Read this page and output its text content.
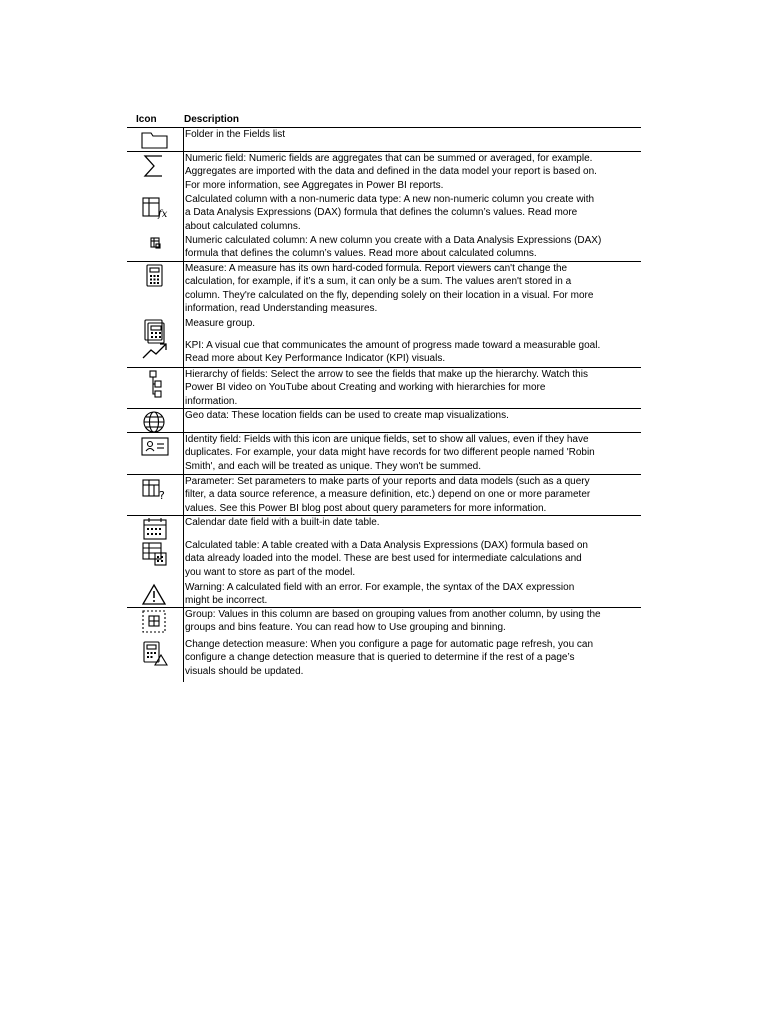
Icon	Description
Folder in the Fields list
Numeric field: Numeric fields are aggregates that can be summed or averaged, for example.
Aggregates are imported with the data and defined in the data model your report is based on.
For more information, see Aggregates in Power BI reports.
fx
Calculated column with a non-numeric data type: A new non-numeric column you create with
a Data Analysis Expressions (DAX) formula that defines the column’s values. Read more
about calculated columns.
Numeric calculated column: A new column you create with a Data Analysis Expressions (DAX)
formula that defines the column’s values. Read more about calculated columns.
Measure: A measure has its own hard-coded formula. Report viewers can't change the
calculation, for example, if it’s a sum, it can only be a sum. The values aren't stored in a
column. They're calculated on the fly, depending solely on their location in a visual. For more
information, read Understanding measures.
Measure group.
KPI: A visual cue that communicates the amount of progress made toward a measurable goal.
Read more about Key Performance Indicator (KPI) visuals.
Hierarchy of fields: Select the arrow to see the fields that make up the hierarchy. Watch this
Power BI video on YouTube about Creating and working with hierarchies for more
information.
Geo data: These location fields can be used to create map visualizations.
Identity field: Fields with this icon are unique fields, set to show all values, even if they have
duplicates. For example, your data might have records for two different people named 'Robin
Smith', and each will be treated as unique. They won't be summed.
?
Parameter: Set parameters to make parts of your reports and data models (such as a query
filter, a data source reference, a measure definition, etc.) depend on one or more parameter
values. See this Power BI blog post about query parameters for more information.
Calendar date field with a built-in date table.
Calculated table: A table created with a Data Analysis Expressions (DAX) formula based on
data already loaded into the model. These are best used for intermediate calculations and
you want to store as part of the model.
Warning: A calculated field with an error. For example, the syntax of the DAX expression
might be incorrect.
Group: Values in this column are based on grouping values from another column, by using the
groups and bins feature. You can read how to Use grouping and binning.
Change detection measure: When you configure a page for automatic page refresh, you can
configure a change detection measure that is queried to determine if the rest of a page’s
visuals should be updated.
